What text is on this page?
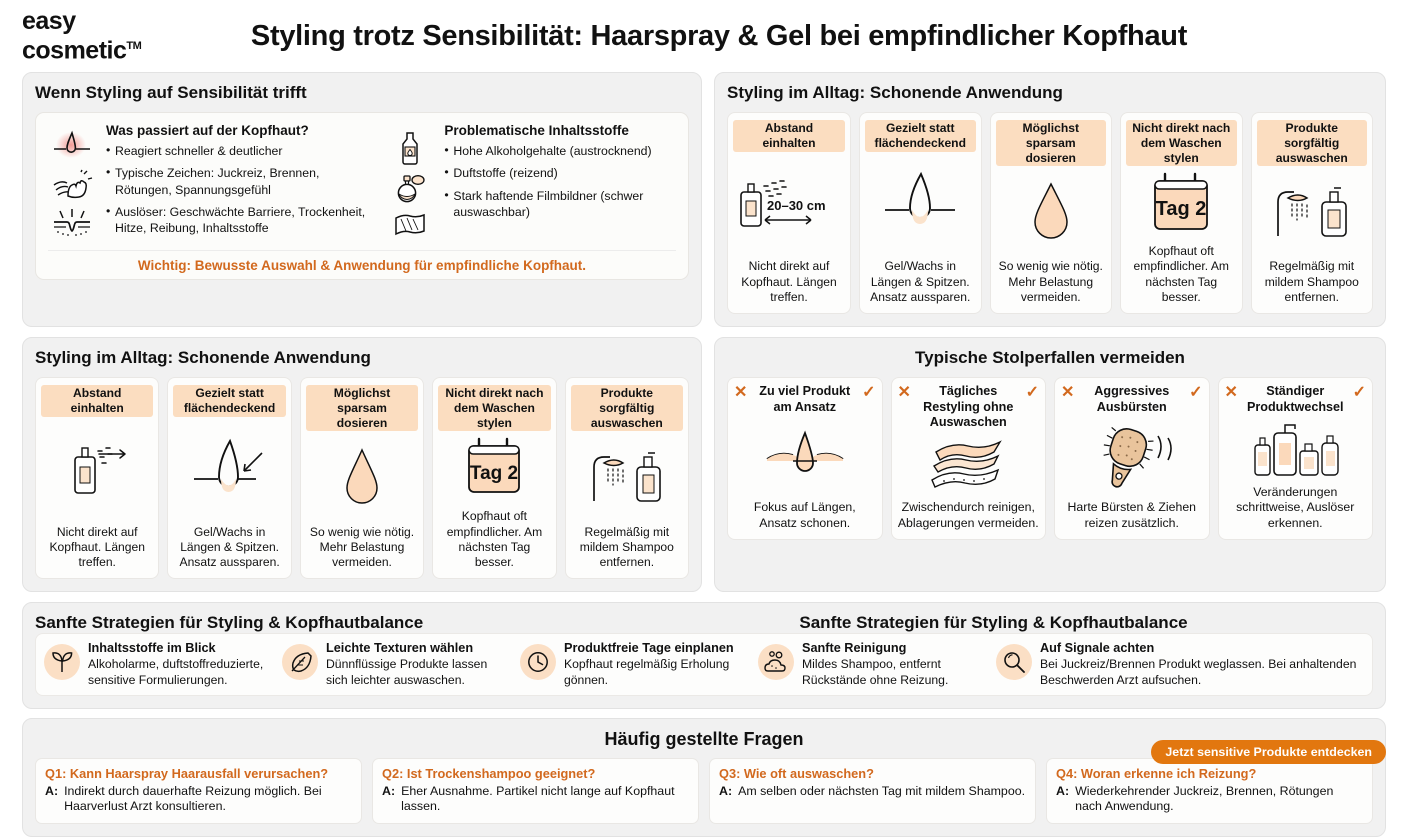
easy
cosmetic™	Styling trotz Sensibilität: Haarspray & Gel bei empfindlicher Kopfhaut
Wenn Styling auf Sensibilität trifft
Was passiert auf der Kopfhaut?
• Reagiert schneller & deutlicher
• Typische Zeichen: Juckreiz, Brennen, Rötungen, Spannungsgefühl
• Auslöser: Geschwächte Barriere, Trockenheit, Hitze, Reibung, Inhaltsstoffe
Problematische Inhaltsstoffe
• Hohe Alkoholgehalte (austrocknend)
• Duftstoffe (reizend)
• Stark haftende Filmbildner (schwer auswaschbar)
Wichtig: Bewusste Auswahl & Anwendung für empfindliche Kopfhaut.
Styling im Alltag: Schonende Anwendung
Abstand einhalten
20–30 cm
Nicht direkt auf Kopfhaut. Längen treffen.
Gezielt statt flächendeckend
Gel/Wachs in Längen & Spitzen. Ansatz aussparen.
Möglichst sparsam dosieren
So wenig wie nötig. Mehr Belastung vermeiden.
Nicht direkt nach dem Waschen stylen
Tag 2
Kopfhaut oft empfindlicher. Am nächsten Tag besser.
Produkte sorgfältig auswaschen
Regelmäßig mit mildem Shampoo entfernen.
Styling im Alltag: Schonende Anwendung
Abstand einhalten
Nicht direkt auf Kopfhaut. Längen treffen.
Gezielt statt flächendeckend
Gel/Wachs in Längen & Spitzen. Ansatz aussparen.
Möglichst sparsam dosieren
So wenig wie nötig. Mehr Belastung vermeiden.
Nicht direkt nach dem Waschen stylen
Tag 2
Kopfhaut oft empfindlicher. Am nächsten Tag besser.
Produkte sorgfältig auswaschen
Regelmäßig mit mildem Shampoo entfernen.
Typische Stolperfallen vermeiden
✕ Zu viel Produkt am Ansatz
✓
Fokus auf Längen, Ansatz schonen.
✕	Tägliches Restyling ohne Auswaschen
✓
Zwischendurch reinigen, Ablagerungen vermeiden.
✕	Aggressives Ausbürsten
✓
Harte Bürsten & Ziehen reizen zusätzlich.
✕	Ständiger Produktwechsel
✓
Veränderungen schrittweise, Auslöser erkennen.
Sanfte Strategien für Styling & Kopfhautbalance	Sanfte Strategien für Styling & Kopfhautbalance
Inhaltsstoffe im Blick
Alkoholarme, duftstoffreduzierte, sensitive Formulierungen.
Leichte Texturen wählen
Dünnflüssige Produkte lassen sich leichter auswaschen.
Produktfreie Tage einplanen
Kopfhaut regelmäßig Erholung gönnen.
Sanfte Reinigung
Mildes Shampoo, entfernt Rückstände ohne Reizung.
Auf Signale achten
Bei Juckreiz/Brennen Produkt weglassen. Bei anhaltenden Beschwerden Arzt aufsuchen.
Häufig gestellte Fragen
Q1: Kann Haarspray Haarausfall verursachen?
A: Indirekt durch dauerhafte Reizung möglich. Bei Haarverlust Arzt konsultieren.
Q2: Ist Trockenshampoo geeignet?
A: Eher Ausnahme. Partikel nicht lange auf Kopfhaut lassen.
Q3: Wie oft auswaschen?
A: Am selben oder nächsten Tag mit mildem Shampoo.
Q4: Woran erkenne ich Reizung?
A: Wiederkehrender Juckreiz, Brennen, Rötungen nach Anwendung.
Jetzt sensitive Produkte entdecken
